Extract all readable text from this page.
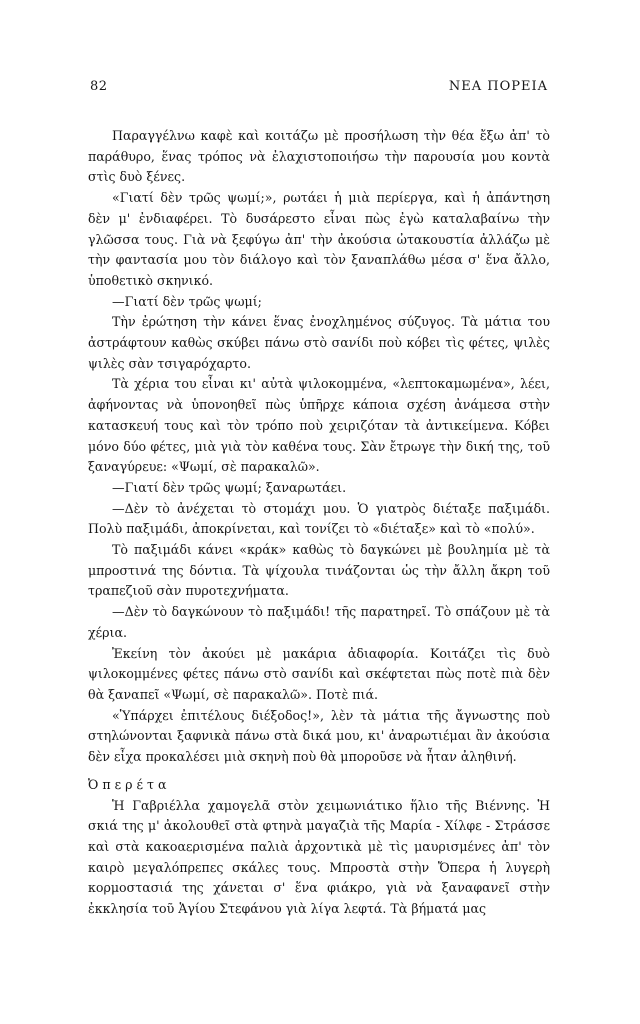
82	ΝΕΑ ΠΟΡΕΙΑ

Παραγγέλνω καφὲ καὶ κοιτάζω μὲ προσήλωση τὴν θέα ἔξω ἀπ' τὸ παράθυρο, ἕνας τρόπος νὰ ἐλαχιστοποιήσω τὴν παρουσία μου κοντὰ στὶς δυὸ ξένες.

«Γιατί δὲν τρῶς ψωμί;», ρωτάει ἡ μιὰ περίεργα, καὶ ἡ ἀπάντηση δὲν μ' ἐνδιαφέρει. Τὸ δυσάρεστο εἶναι πὼς ἐγὼ καταλαβαίνω τὴν γλῶσσα τους. Γιὰ νὰ ξεφύγω ἀπ' τὴν ἀκούσια ὠτακουστία ἀλλάζω μὲ τὴν φαντασία μου τὸν διάλογο καὶ τὸν ξαναπλάθω μέσα σ' ἕνα ἄλλο, ὑποθετικὸ σκηνικό.

—Γιατί δὲν τρῶς ψωμί;

Τὴν ἐρώτηση τὴν κάνει ἕνας ἐνοχλημένος σύζυγος. Τὰ μάτια του ἀστράφτουν καθὼς σκύβει πάνω στὸ σανίδι ποὺ κόβει τὶς φέτες, ψιλὲς ψιλὲς σὰν τσιγαρόχαρτο.

Τὰ χέρια του εἶναι κι' αὐτὰ ψιλοκομμένα, «λεπτοκαμωμένα», λέει, ἀφήνοντας νὰ ὑπονοηθεῖ πὼς ὑπῆρχε κάποια σχέση ἀνάμεσα στὴν κατασκευή τους καὶ τὸν τρόπο ποὺ χειριζόταν τὰ ἀντικείμενα. Κόβει μόνο δύο φέτες, μιὰ γιὰ τὸν καθένα τους. Σὰν ἔτρωγε τὴν δική της, τοῦ ξαναγύρευε: «Ψωμί, σὲ παρακαλῶ».

—Γιατί δὲν τρῶς ψωμί; ξαναρωτάει.

—Δὲν τὸ ἀνέχεται τὸ στομάχι μου. Ὁ γιατρὸς διέταξε παξιμάδι. Πολὺ παξιμάδι, ἀποκρίνεται, καὶ τονίζει τὸ «διέταξε» καὶ τὸ «πολύ».

Τὸ παξιμάδι κάνει «κράκ» καθὼς τὸ δαγκώνει μὲ βουλημία μὲ τὰ μπροστινά της δόντια. Τὰ ψίχουλα τινάζονται ὡς τὴν ἄλλη ἄκρη τοῦ τραπεζιοῦ σὰν πυροτεχνήματα.

—Δὲν τὸ δαγκώνουν τὸ παξιμάδι! τῆς παρατηρεῖ. Τὸ σπάζουν μὲ τὰ χέρια.

Ἐκείνη τὸν ἀκούει μὲ μακάρια ἀδιαφορία. Κοιτάζει τὶς δυὸ ψιλοκομμένες φέτες πάνω στὸ σανίδι καὶ σκέφτεται πὼς ποτὲ πιὰ δὲν θὰ ξαναπεῖ «Ψωμί, σὲ παρακαλῶ». Ποτὲ πιά.

«Ὑπάρχει ἐπιτέλους διέξοδος!», λὲν τὰ μάτια τῆς ἄγνωστης ποὺ στηλώνονται ξαφνικὰ πάνω στὰ δικά μου, κι' ἀναρωτιέμαι ἂν ἀκούσια δὲν εἶχα προκαλέσει μιὰ σκηνὴ ποὺ θὰ μποροῦσε νὰ ἦταν ἀληθινή.

Ὀπερέτα

Ἡ Γαβριέλλα χαμογελᾶ στὸν χειμωνιάτικο ἥλιο τῆς Βιέννης. Ἡ σκιά της μ' ἀκολουθεῖ στὰ φτηνὰ μαγαζιὰ τῆς Μαρία - Χίλφε - Στράσσε καὶ στὰ κακοαερισμένα παλιὰ ἀρχοντικὰ μὲ τὶς μαυρισμένες ἀπ' τὸν καιρὸ μεγαλόπρεπες σκάλες τους. Μπροστὰ στὴν Ὄπερα ἡ λυγερὴ κορμοστασιά της χάνεται σ' ἕνα φιάκρο, γιὰ νὰ ξαναφανεῖ στὴν ἐκκλησία τοῦ Ἁγίου Στεφάνου γιὰ λίγα λεφτά. Τὰ βήματά μας
